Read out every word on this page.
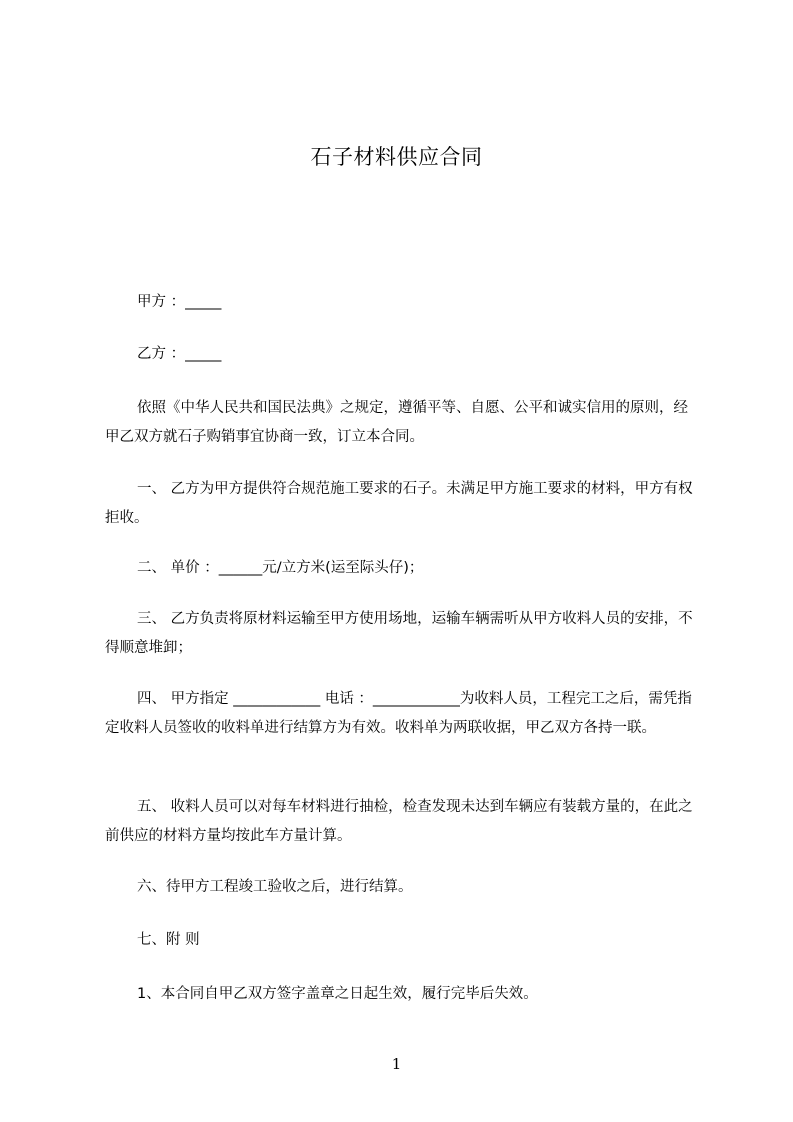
石子材料供应合同

甲方 ：_____

乙方 ：_____

依照《中华人民共和国民法典》之规定，遵循平等、自愿、公平和诚实信用的原则，经甲乙双方就石子购销事宜协商一致，订立本合同。

一、 乙方为甲方提供符合规范施工要求的石子。未满足甲方施工要求的材料，甲方有权拒收。

二、 单价 ：______元/立方米(运至际头仔)；

三、 乙方负责将原材料运输至甲方使用场地，运输车辆需听从甲方收料人员的安排，不得顺意堆卸；

四、 甲方指定 ____________ 电话 ：____________为收料人员，工程完工之后，需凭指定收料人员签收的收料单进行结算方为有效。收料单为两联收据，甲乙双方各持一联。

五、 收料人员可以对每车材料进行抽检，检查发现未达到车辆应有装载方量的，在此之前供应的材料方量均按此车方量计算。

六、待甲方工程竣工验收之后，进行结算。

七、附 则

1、本合同自甲乙双方签字盖章之日起生效，履行完毕后失效。

1
